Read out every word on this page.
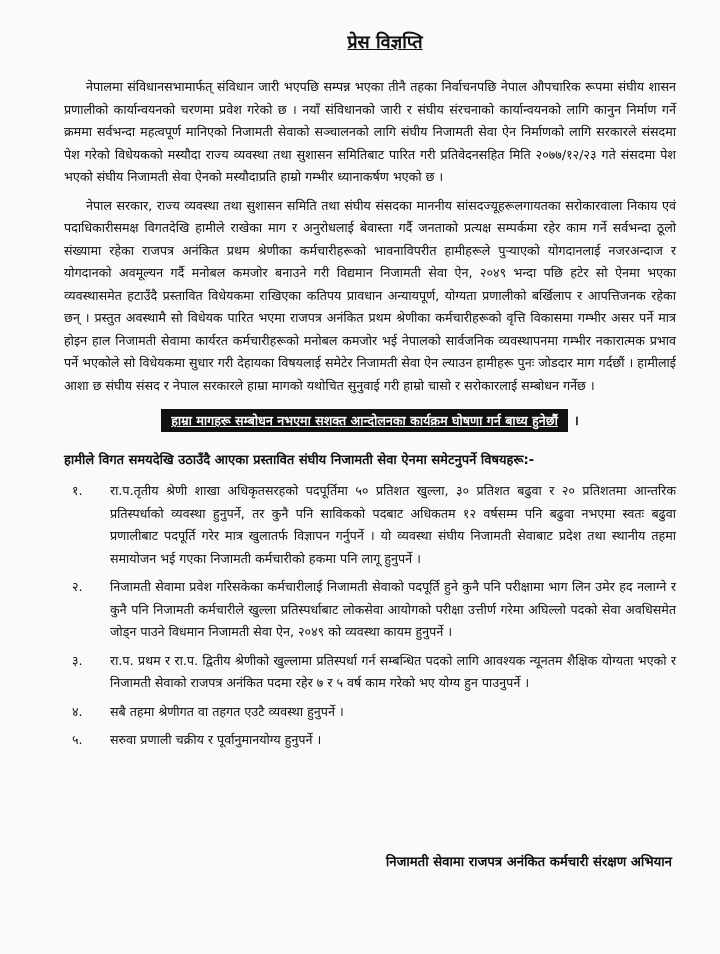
प्रेस विज्ञप्ति

नेपालमा संविधानसभामार्फत् संविधान जारी भएपछि सम्पन्न भएका तीनै तहका निर्वाचनपछि नेपाल औपचारिक रूपमा संघीय शासन प्रणालीको कार्यान्वयनको चरणमा प्रवेश गरेको छ । नयाँ संविधानको जारी र संघीय संरचनाको कार्यान्वयनको लागि कानुन निर्माण गर्ने क्रममा सर्वभन्दा महत्वपूर्ण मानिएको निजामती सेवाको सञ्चालनको लागि संघीय निजामती सेवा ऐन निर्माणको लागि सरकारले संसदमा पेश गरेको विधेयकको मस्यौदा राज्य व्यवस्था तथा सुशासन समितिबाट पारित गरी प्रतिवेदनसहित मिति २०७७/१२/२३ गते संसदमा पेश भएको संघीय निजामती सेवा ऐनको मस्यौदाप्रति हाम्रो गम्भीर ध्यानाकर्षण भएको छ ।

नेपाल सरकार, राज्य व्यवस्था तथा सुशासन समिति तथा संघीय संसदका माननीय सांसदज्यूहरूलगायतका सरोकारवाला निकाय एवं पदाधिकारीसमक्ष विगतदेखि हामीले राखेका माग र अनुरोधलाई बेवास्ता गर्दै जनताको प्रत्यक्ष सम्पर्कमा रहेर काम गर्ने सर्वभन्दा ठूलो संख्यामा रहेका राजपत्र अनंकित प्रथम श्रेणीका कर्मचारीहरूको भावनाविपरीत हामीहरूले पुऱ्याएको योगदानलाई नजरअन्दाज र योगदानको अवमूल्यन गर्दै मनोबल कमजोर बनाउने गरी विद्यमान निजामती सेवा ऐन, २०४९ भन्दा पछि हटेर सो ऐनमा भएका व्यवस्थासमेत हटाउँदै प्रस्तावित विधेयकमा राखिएका कतिपय प्रावधान अन्यायपूर्ण, योग्यता प्रणालीको बर्खिलाप र आपत्तिजनक रहेका छन् । प्रस्तुत अवस्थामै सो विधेयक पारित भएमा राजपत्र अनंकित प्रथम श्रेणीका कर्मचारीहरूको वृत्ति विकासमा गम्भीर असर पर्ने मात्र होइन हाल निजामती सेवामा कार्यरत कर्मचारीहरूको मनोबल कमजोर भई नेपालको सार्वजनिक व्यवस्थापनमा गम्भीर नकारात्मक प्रभाव पर्ने भएकोले सो विधेयकमा सुधार गरी देहायका विषयलाई समेटेर निजामती सेवा ऐन ल्याउन हामीहरू पुनः जोडदार माग गर्दछौं । हामीलाई आशा छ संघीय संसद र नेपाल सरकारले हाम्रा मागको यथोचित सुनुवाई गरी हाम्रो चासो र सरोकारलाई सम्बोधन गर्नेछ ।

हाम्रा मागहरू सम्बोधन नभएमा सशक्त आन्दोलनका कार्यक्रम घोषणा गर्न बाध्य हुनेछौं ।
हामीले विगत समयदेखि उठाउँदै आएका प्रस्तावित संघीय निजामती सेवा ऐनमा समेटनुपर्ने विषयहरू:-
१.	रा.प.तृतीय श्रेणी शाखा अधिकृतसरहको पदपूर्तिमा ५० प्रतिशत खुल्ला, ३० प्रतिशत बढुवा र २० प्रतिशतमा आन्तरिक प्रतिस्पर्धाको व्यवस्था हुनुपर्ने, तर कुनै पनि साविकको पदबाट अधिकतम १२ वर्षसम्म पनि बढुवा नभएमा स्वतः बढुवा प्रणालीबाट पदपूर्ति गरेर मात्र खुलातर्फ विज्ञापन गर्नुपर्ने । यो व्यवस्था संघीय निजामती सेवाबाट प्रदेश तथा स्थानीय तहमा समायोजन भई गएका निजामती कर्मचारीको हकमा पनि लागू हुनुपर्ने ।
२.	निजामती सेवामा प्रवेश गरिसकेका कर्मचारीलाई निजामती सेवाको पदपूर्ति हुने कुनै पनि परीक्षामा भाग लिन उमेर हद नलाग्ने र कुनै पनि निजामती कर्मचारीले खुल्ला प्रतिस्पर्धाबाट लोकसेवा आयोगको परीक्षा उत्तीर्ण गरेमा अघिल्लो पदको सेवा अवधिसमेत जोड्न पाउने विधमान निजामती सेवा ऐन, २०४९ को व्यवस्था कायम हुनुपर्ने ।
३.	रा.प. प्रथम र रा.प. द्वितीय श्रेणीको खुल्लामा प्रतिस्पर्धा गर्न सम्बन्धित पदको लागि आवश्यक न्यूनतम शैक्षिक योग्यता भएको र निजामती सेवाको राजपत्र अनंकित पदमा रहेर ७ र ५ वर्ष काम गरेको भए योग्य हुन पाउनुपर्ने ।
४.	सबै तहमा श्रेणीगत वा तहगत एउटै व्यवस्था हुनुपर्ने ।
५.	सरुवा प्रणाली चक्रीय र पूर्वानुमानयोग्य हुनुपर्ने ।
निजामती सेवामा राजपत्र अनंकित कर्मचारी संरक्षण अभियान
